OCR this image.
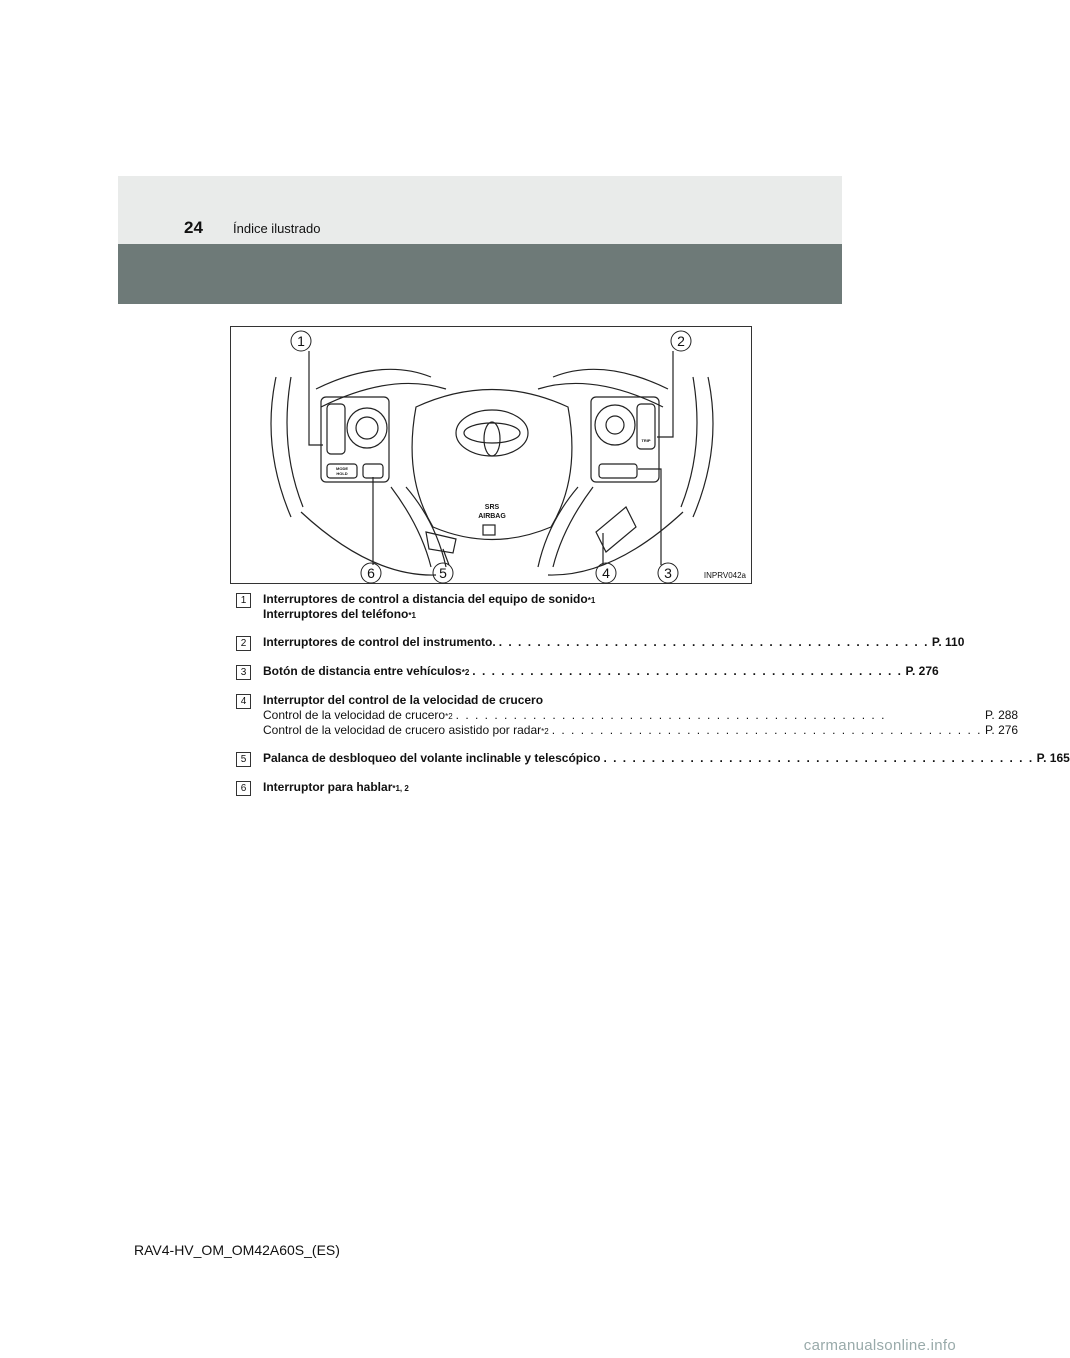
24 Índice ilustrado
1	2
3
4
5
6
SRS
AIRBAG
MODE
HOLD
TRIP
INPRV042a
1	Interruptores de control a distancia del equipo de sonido *1
Interruptores del teléfono *1
2	Interruptores de control del instrumento. . . . . . . . . . . . . . . . . . . . . . . . . . . . . . . . . . . . . . . . . . . . . . P. 110
3	Botón de distancia entre vehículos *2 . . . . . . . . . . . . . . . . . . . . . . . . . . . . . . . . . . . . . . . . . . . . . P. 276
4	Interruptor del control de la velocidad de crucero
Control de la velocidad de crucero *2 . . . . . . . . . . . . . . . . . . . . . . . . . . . . . . . . . . . . . . . . . . . . .	P. 288
Control de la velocidad de crucero asistido por radar *2 . . . . . . . . . . . . . . . . . . . . . . . . . . . . . . . . . . . . . . . . . . . . . P. 276
5	Palanca de desbloqueo del volante inclinable y telescópico . . . . . . . . . . . . . . . . . . . . . . . . . . . . . . . . . . . . . . . . . . . . . P. 165
6	Interruptor para hablar *1, 2
RAV4-HV_OM_OM42A60S_(ES)
carmanualsonline.info
